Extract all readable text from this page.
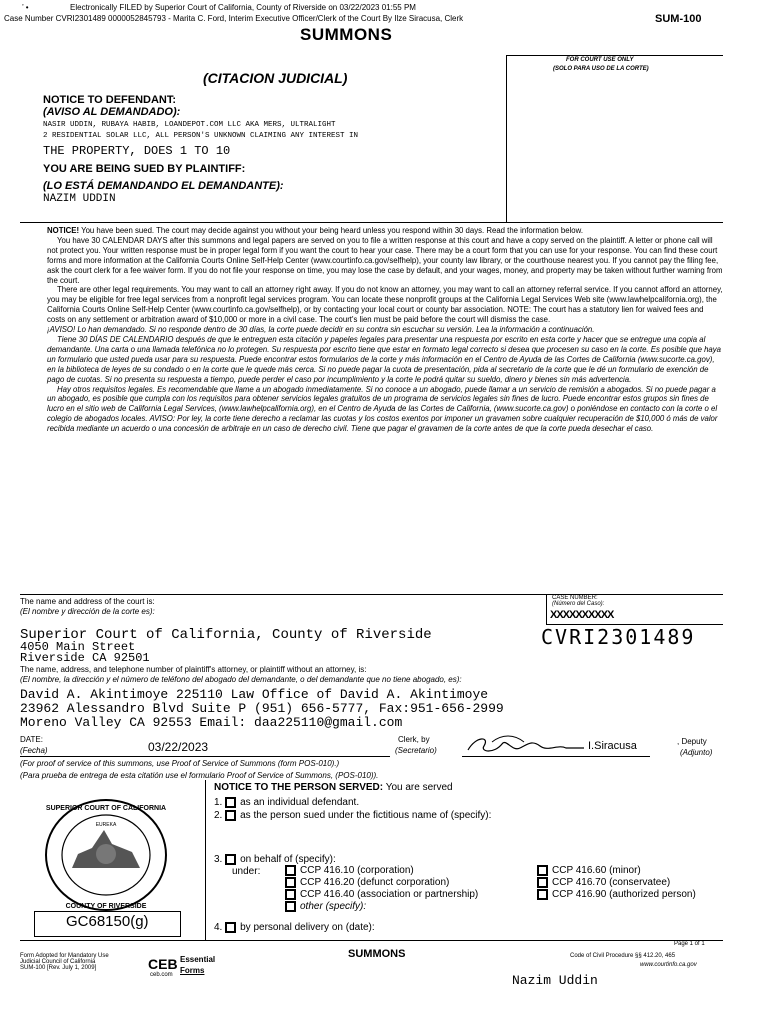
’ •	Electronically FILED by Superior Court of California, County of Riverside on 03/22/2023 01:55 PM
Case Number CVRI2301489 0000052845793 - Marita C. Ford, Interim Executive Officer/Clerk of the Court By Ilze Siracusa, Clerk	SUM-100
SUMMONS
(CITACION JUDICIAL)
FOR COURT USE ONLY
(SOLO PARA USO DE LA CORTE)
NOTICE TO DEFENDANT:
(AVISO AL DEMANDADO):
NASIR UDDIN, RUBAYA HABIB, LOANDEPOT.COM LLC AKA MERS, ULTRALIGHT
2 RESIDENTIAL SOLAR LLC, ALL PERSON'S UNKNOWN CLAIMING ANY INTEREST IN
THE PROPERTY, DOES 1 TO 10
YOU ARE BEING SUED BY PLAINTIFF:
(LO ESTÁ DEMANDANDO EL DEMANDANTE):
NAZIM UDDIN

NOTICE! You have been sued. The court may decide against you without your being heard unless you respond within 30 days. Read the information below.

You have 30 CALENDAR DAYS after this summons and legal papers are served on you to file a written response at this court and have a copy served on the plaintiff. A letter or phone call will not protect you. Your written response must be in proper legal form if you want the court to hear your case. There may be a court form that you can use for your response. You can find these court forms and more information at the California Courts Online Self-Help Center (www.courtinfo.ca.gov/selfhelp), your county law library, or the courthouse nearest you. If you cannot pay the filing fee, ask the court clerk for a fee waiver form. If you do not file your response on time, you may lose the case by default, and your wages, money, and property may be taken without further warning from the court.

There are other legal requirements. You may want to call an attorney right away. If you do not know an attorney, you may want to call an attorney referral service. If you cannot afford an attorney, you may be eligible for free legal services from a nonprofit legal services program. You can locate these nonprofit groups at the California Legal Services Web site (www.lawhelpcalifornia.org), the California Courts Online Self-Help Center (www.courtinfo.ca.gov/selfhelp), or by contacting your local court or county bar association. NOTE: The court has a statutory lien for waived fees and costs on any settlement or arbitration award of $10,000 or more in a civil case. The court's lien must be paid before the court will dismiss the case.

¡AVISO! Lo han demandado. Si no responde dentro de 30 días, la corte puede decidir en su contra sin escuchar su versión. Lea la información a continuación.

Tiene 30 DÍAS DE CALENDARIO después de que le entreguen esta citación y papeles legales para presentar una respuesta por escrito en esta corte y hacer que se entregue una copia al demandante. Una carta o una llamada telefónica no lo protegen. Su respuesta por escrito tiene que estar en formato legal correcto si desea que procesen su caso en la corte. Es posible que haya un formulario que usted pueda usar para su respuesta. Puede encontrar estos formularios de la corte y más información en el Centro de Ayuda de las Cortes de California (www.sucorte.ca.gov), en la biblioteca de leyes de su condado o en la corte que le quede más cerca. Si no puede pagar la cuota de presentación, pida al secretario de la corte que le dé un formulario de exención de pago de cuotas. Si no presenta su respuesta a tiempo, puede perder el caso por incumplimiento y la corte le podrá quitar su sueldo, dinero y bienes sin más advertencia.

Hay otros requisitos legales. Es recomendable que llame a un abogado inmediatamente. Si no conoce a un abogado, puede llamar a un servicio de remisión a abogados. Si no puede pagar a un abogado, es posible que cumpla con los requisitos para obtener servicios legales gratuitos de un programa de servicios legales sin fines de lucro. Puede encontrar estos grupos sin fines de lucro en el sitio web de California Legal Services, (www.lawhelpcalifornia.org), en el Centro de Ayuda de las Cortes de California, (www.sucorte.ca.gov) o poniéndose en contacto con la corte o el colegio de abogados locales. AVISO: Por ley, la corte tiene derecho a reclamar las cuotas y los costos exentos por imponer un gravamen sobre cualquier recuperación de $10,000 ó más de valor recibida mediante un acuerdo o una concesión de arbitraje en un caso de derecho civil. Tiene que pagar el gravamen de la corte antes de que la corte pueda desechar el caso.

The name and address of the court is:
(El nombre y dirección de la corte es):
CASE NUMBER:
(Número del Caso):
XXXXXXXXXX
Superior Court of California, County of Riverside	CVRI2301489
4050 Main Street
Riverside CA 92501
The name, address, and telephone number of plaintiff's attorney, or plaintiff without an attorney, is:
(El nombre, la dirección y el número de teléfono del abogado del demandante, o del demandante que no tiene abogado, es):
David A. Akintimoye 225110 Law Office of David A. Akintimoye
23962 Alessandro Blvd Suite P (951) 656-5777, Fax:951-656-2999
Moreno Valley CA 92553 Email: daa225110@gmail.com
DATE:
(Fecha)	03/22/2023
Clerk, by
(Secretario)	I.Siracusa	, Deputy
(Adjunto)
(For proof of service of this summons, use Proof of Service of Summons (form POS-010).)
(Para prueba de entrega de esta citatión use el formulario Proof of Service of Summons, (POS-010)).
SUPERIOR COURT OF CALIFORNIA
COUNTY OF RIVERSIDE
EUREKA
GC68150(g)
NOTICE TO THE PERSON SERVED: You are served
1. as an individual defendant.
2. as the person sued under the fictitious name of (specify):
3. on behalf of (specify):
under:	CCP 416.10 (corporation)
CCP 416.20 (defunct corporation)
CCP 416.40 (association or partnership)
other (specify):
CCP 416.60 (minor)
CCP 416.70 (conservatee)
CCP 416.90 (authorized person)
4. by personal delivery on (date):
Page 1 of 1
Form Adopted for Mandatory Use
Judicial Council of California
SUM-100 [Rev. July 1, 2009]	CEB
ceb.com
Essential
Forms
SUMMONS	Code of Civil Procedure §§ 412.20, 465
www.courtinfo.ca.gov
Nazim Uddin
